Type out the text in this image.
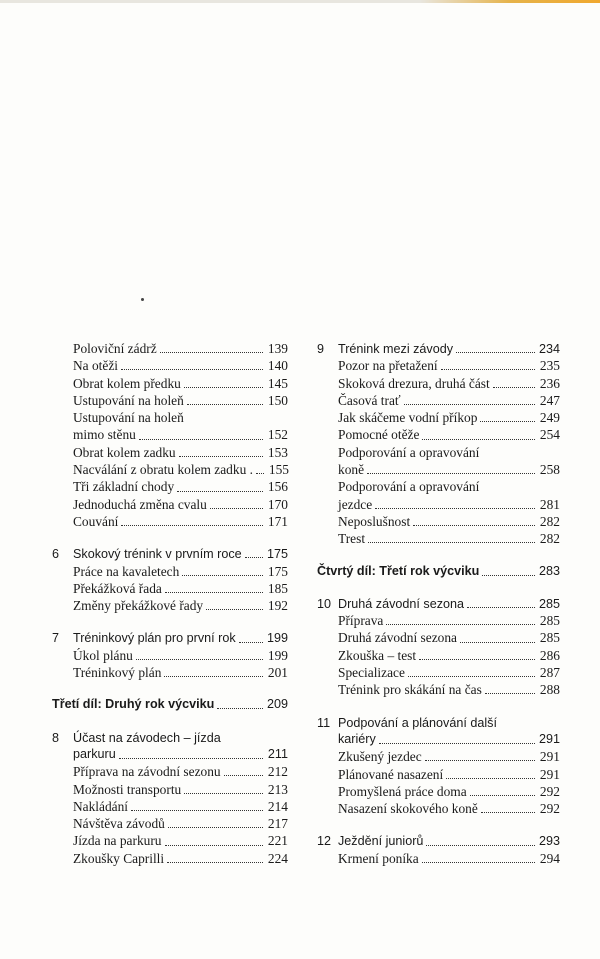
Poloviční zádrž	139
Na otěži	140
Obrat kolem předku	145
Ustupování na holeň	150
Ustupování na holeň
mimo stěnu	152
Obrat kolem zadku	153
Nacválání z obratu kolem zadku . 155
Tři základní chody	156
Jednoduchá změna cvalu	170
Couvání	171
6 Skokový trénink v prvním roce 175
Práce na kavaletech	175
Překážková řada	185
Změny překážkové řady	192
7 Tréninkový plán pro první rok 199
Úkol plánu	199
Tréninkový plán	201
Třetí díl: Druhý rok výcviku	209
8 Účast na závodech – jízda
parkuru	211
Příprava na závodní sezonu	212
Možnosti transportu	213
Nakládání	214
Návštěva závodů	217
Jízda na parkuru	221
Zkoušky Caprilli	224
9 Trénink mezi závody	234
Pozor na přetažení	235
Skoková drezura, druhá část	236
Časová trať	247
Jak skáčeme vodní příkop	249
Pomocné otěže	254
Podporování a opravování
koně	258
Podporování a opravování
jezdce	281
Neposlušnost	282
Trest	282
Čtvrtý díl: Třetí rok výcviku	283
10 Druhá závodní sezona	285
Příprava	285
Druhá závodní sezona	285
Zkouška – test	286
Specializace	287
Trénink pro skákání na čas	288
11 Podpování a plánování další
kariéry	291
Zkušený jezdec	291
Plánované nasazení	291
Promyšlená práce doma	292
Nasazení skokového koně	292
12 Ježdění juniorů	293
Krmení poníka	294
